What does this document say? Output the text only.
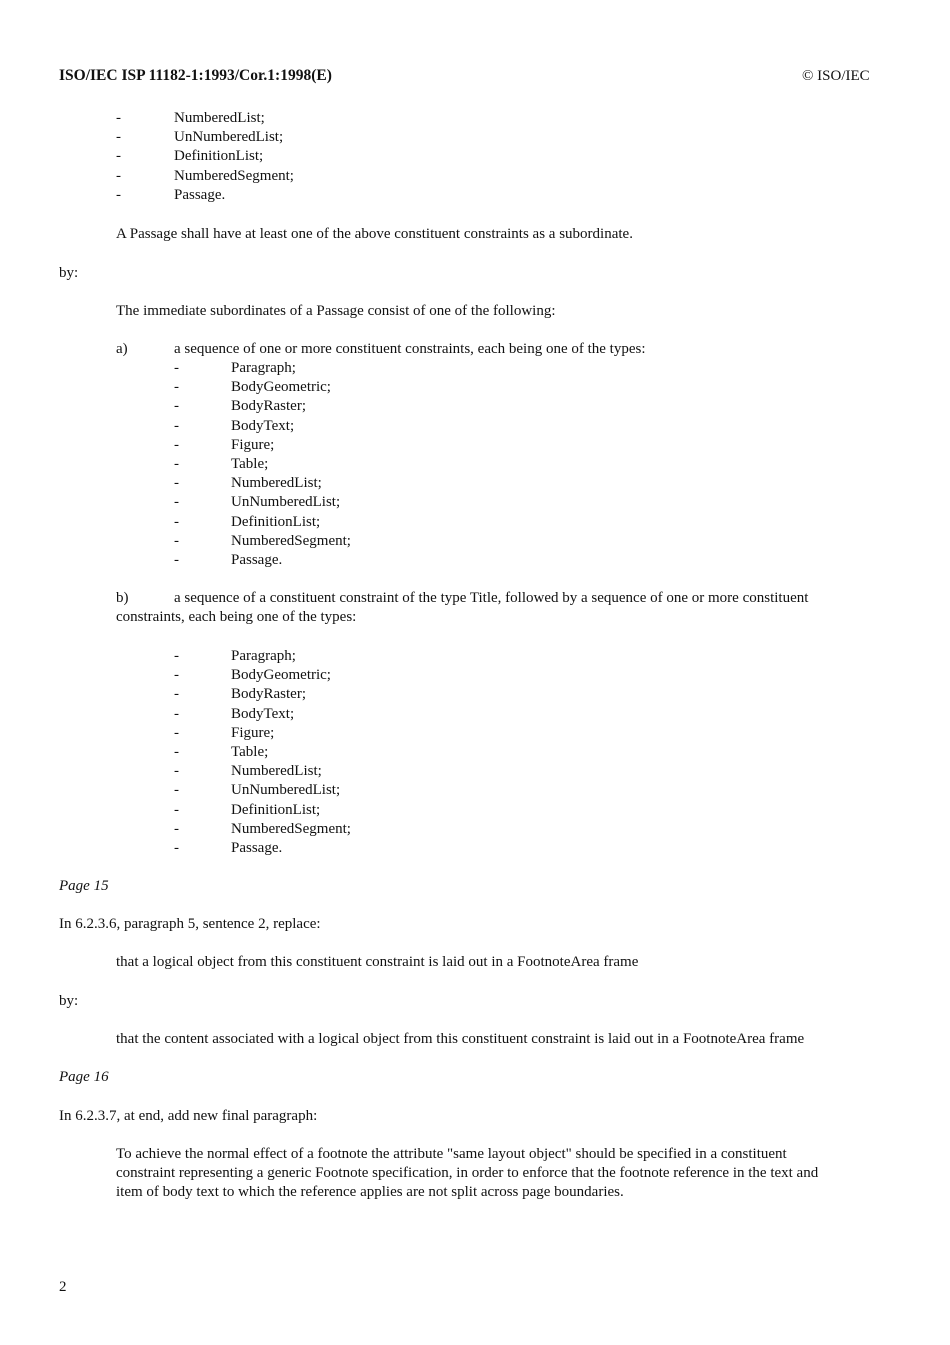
ISO/IEC ISP 11182-1:1993/Cor.1:1998(E)	© ISO/IEC
-	NumberedList;
-	UnNumberedList;
-	DefinitionList;
-	NumberedSegment;
-	Passage.
A Passage shall have at least one of the above constituent constraints as a subordinate.
by:
The immediate subordinates of a Passage consist of one of the following:
a)	a sequence of one or more constituent constraints, each being one of the types:
-	Paragraph;
-	BodyGeometric;
-	BodyRaster;
-	BodyText;
-	Figure;
-	Table;
-	NumberedList;
-	UnNumberedList;
-	DefinitionList;
-	NumberedSegment;
-	Passage.
b)	a sequence of a constituent constraint of the type Title, followed by a sequence of one or more constituent
constraints, each being one of the types:
-	Paragraph;
-	BodyGeometric;
-	BodyRaster;
-	BodyText;
-	Figure;
-	Table;
-	NumberedList;
-	UnNumberedList;
-	DefinitionList;
-	NumberedSegment;
-	Passage.
Page 15
In 6.2.3.6, paragraph 5, sentence 2, replace:
that a logical object from this constituent constraint is laid out in a FootnoteArea frame
by:
that the content associated with a logical object from this constituent constraint is laid out in a FootnoteArea frame
Page 16
In 6.2.3.7, at end, add new final paragraph:
To achieve the normal effect of a footnote the attribute "same layout object" should be specified in a constituent
constraint representing a generic Footnote specification, in order to enforce that the footnote reference in the text and
item of body text to which the reference applies are not split across page boundaries.
2
